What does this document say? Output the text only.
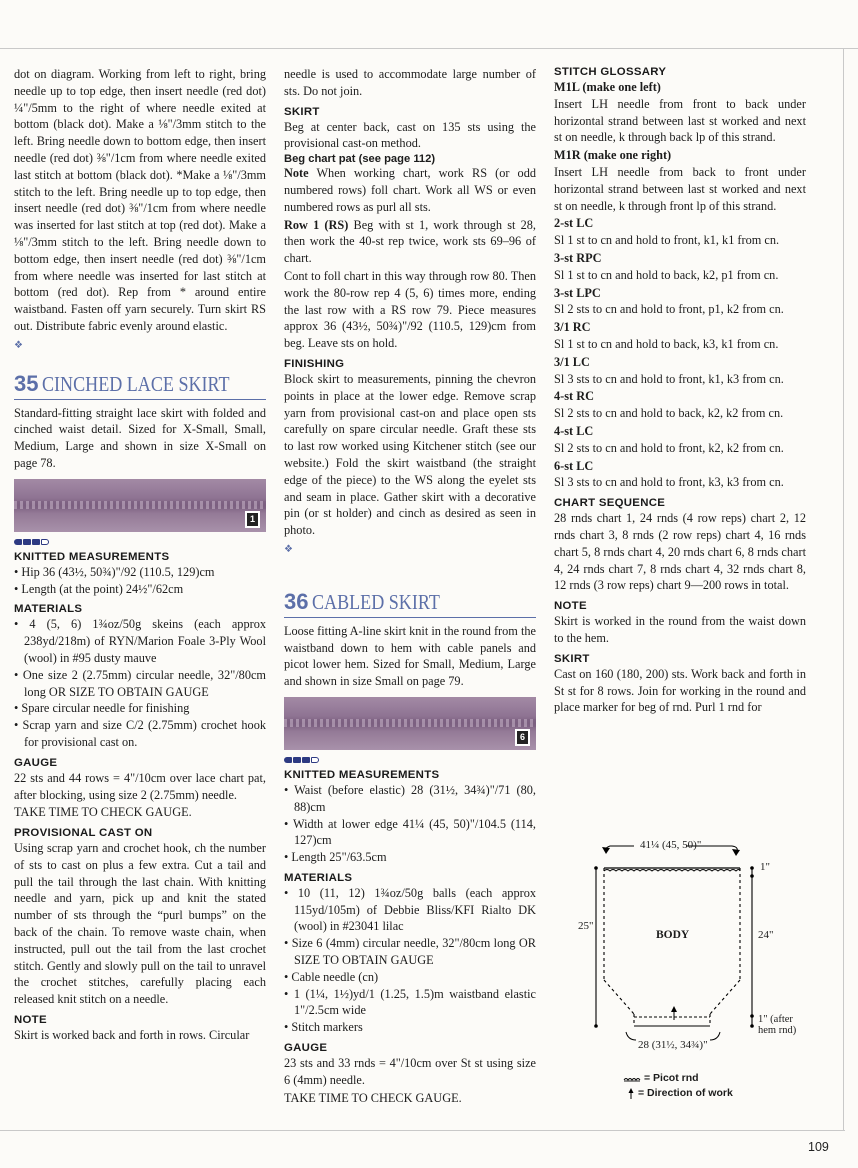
109

dot on diagram. Working from left to right, bring needle up to top edge, then insert needle (red dot) ¼"/5mm to the right of where needle exited at bottom (black dot). Make a ⅛"/3mm stitch to the left. Bring needle down to bottom edge, then insert needle (red dot) ⅜"/1cm from where needle exited last stitch at bottom (black dot). *Make a ⅛"/3mm stitch to the left. Bring needle up to top edge, then insert needle (red dot) ⅜"/1cm from where needle was inserted for last stitch at top (red dot). Make a ⅛"/3mm stitch to the left. Bring needle down to bottom edge, then insert needle (red dot) ⅜"/1cm from where needle was inserted for last stitch at bottom (red dot). Rep from * around entire waistband. Fasten off yarn securely. Turn skirt RS out. Distribute fabric evenly around elastic.

❖
35 CINCHED LACE SKIRT

Standard-fitting straight lace skirt with folded and cinched waist detail. Sized for X-Small, Small, Medium, Large and shown in size X-Small on page 78.

1
KNITTED MEASUREMENTS
• Hip 36 (43½, 50¾)"/92 (110.5, 129)cm
• Length (at the point) 24½"/62cm
MATERIALS
• 4 (5, 6) 1¾oz/50g skeins (each approx 238yd/218m) of RYN/Marion Foale 3-Ply Wool (wool) in #95 dusty mauve
• One size 2 (2.75mm) circular needle, 32"/80cm long OR SIZE TO OBTAIN GAUGE
• Spare circular needle for finishing
• Scrap yarn and size C/2 (2.75mm) crochet hook for provisional cast on.
GAUGE

22 sts and 44 rows = 4"/10cm over lace chart pat, after blocking, using size 2 (2.75mm) needle.

TAKE TIME TO CHECK GAUGE.

PROVISIONAL CAST ON

Using scrap yarn and crochet hook, ch the number of sts to cast on plus a few extra. Cut a tail and pull the tail through the last chain. With knitting needle and yarn, pick up and knit the stated number of sts through the “purl bumps” on the back of the chain. To remove waste chain, when instructed, pull out the tail from the last crochet stitch. Gently and slowly pull on the tail to unravel the crochet stitches, carefully placing each released knit stitch on a needle.

NOTE

Skirt is worked back and forth in rows. Circular

needle is used to accommodate large number of sts. Do not join.

SKIRT

Beg at center back, cast on 135 sts using the provisional cast-on method.

Beg chart pat (see page 112)

Note When working chart, work RS (or odd numbered rows) foll chart. Work all WS or even numbered rows as purl all sts.

Row 1 (RS) Beg with st 1, work through st 28, then work the 40-st rep twice, work sts 69–96 of chart.

Cont to foll chart in this way through row 80. Then work the 80-row rep 4 (5, 6) times more, ending the last row with a RS row 79. Piece measures approx 36 (43½, 50¾)"/92 (110.5, 129)cm from beg. Leave sts on hold.

FINISHING

Block skirt to measurements, pinning the chevron points in place at the lower edge. Remove scrap yarn from provisional cast-on and place open sts carefully on spare circular needle. Graft these sts to last row worked using Kitchener stitch (see our website.) Fold the skirt waistband (the straight edge of the piece) to the WS along the eyelet sts and seam in place. Gather skirt with a decorative pin (or st holder) and cinch as desired as seen in photo.

❖
36 CABLED SKIRT

Loose fitting A-line skirt knit in the round from the waistband down to hem with cable panels and picot lower hem. Sized for Small, Medium, Large and shown in size Small on page 79.

6
KNITTED MEASUREMENTS
• Waist (before elastic) 28 (31½, 34¾)"/71 (80, 88)cm
• Width at lower edge 41¼ (45, 50)"/104.5 (114, 127)cm
• Length 25"/63.5cm
MATERIALS
• 10 (11, 12) 1¾oz/50g balls (each approx 115yd/105m) of Debbie Bliss/KFI Rialto DK (wool) in #23041 lilac
• Size 6 (4mm) circular needle, 32"/80cm long OR SIZE TO OBTAIN GAUGE
• Cable needle (cn)
• 1 (1¼, 1½)yd/1 (1.25, 1.5)m waistband elastic 1"/2.5cm wide
• Stitch markers
GAUGE

23 sts and 33 rnds = 4"/10cm over St st using size 6 (4mm) needle.

TAKE TIME TO CHECK GAUGE.

STITCH GLOSSARY
M1L (make one left)

Insert LH needle from front to back under horizontal strand between last st worked and next st on needle, k through back lp of this strand.

M1R (make one right)

Insert LH needle from back to front under horizontal strand between last st worked and next st on needle, k through front lp of this strand.

2-st LC

Sl 1 st to cn and hold to front, k1, k1 from cn.

3-st RPC

Sl 1 st to cn and hold to back, k2, p1 from cn.

3-st LPC

Sl 2 sts to cn and hold to front, p1, k2 from cn.

3/1 RC

Sl 1 st to cn and hold to back, k3, k1 from cn.

3/1 LC

Sl 3 sts to cn and hold to front, k1, k3 from cn.

4-st RC

Sl 2 sts to cn and hold to back, k2, k2 from cn.

4-st LC

Sl 2 sts to cn and hold to front, k2, k2 from cn.

6-st LC

Sl 3 sts to cn and hold to front, k3, k3 from cn.

CHART SEQUENCE

28 rnds chart 1, 24 rnds (4 row reps) chart 2, 12 rnds chart 3, 8 rnds (2 row reps) chart 4, 16 rnds chart 5, 8 rnds chart 4, 20 rnds chart 6, 8 rnds chart 4, 24 rnds chart 7, 8 rnds chart 4, 32 rnds chart 8, 12 rnds (3 row reps) chart 9—200 rows in total.

NOTE

Skirt is worked in the round from the waist down to the hem.

SKIRT

Cast on 160 (180, 200) sts. Work back and forth in St st for 8 rows. Join for working in the round and place marker for beg of rnd. Purl 1 rnd for

41¼ (45, 50)"
1"
BODY
25"
24"
1" (after hem rnd)
28 (31½, 34¾)"
= Picot rnd
= Direction of work
